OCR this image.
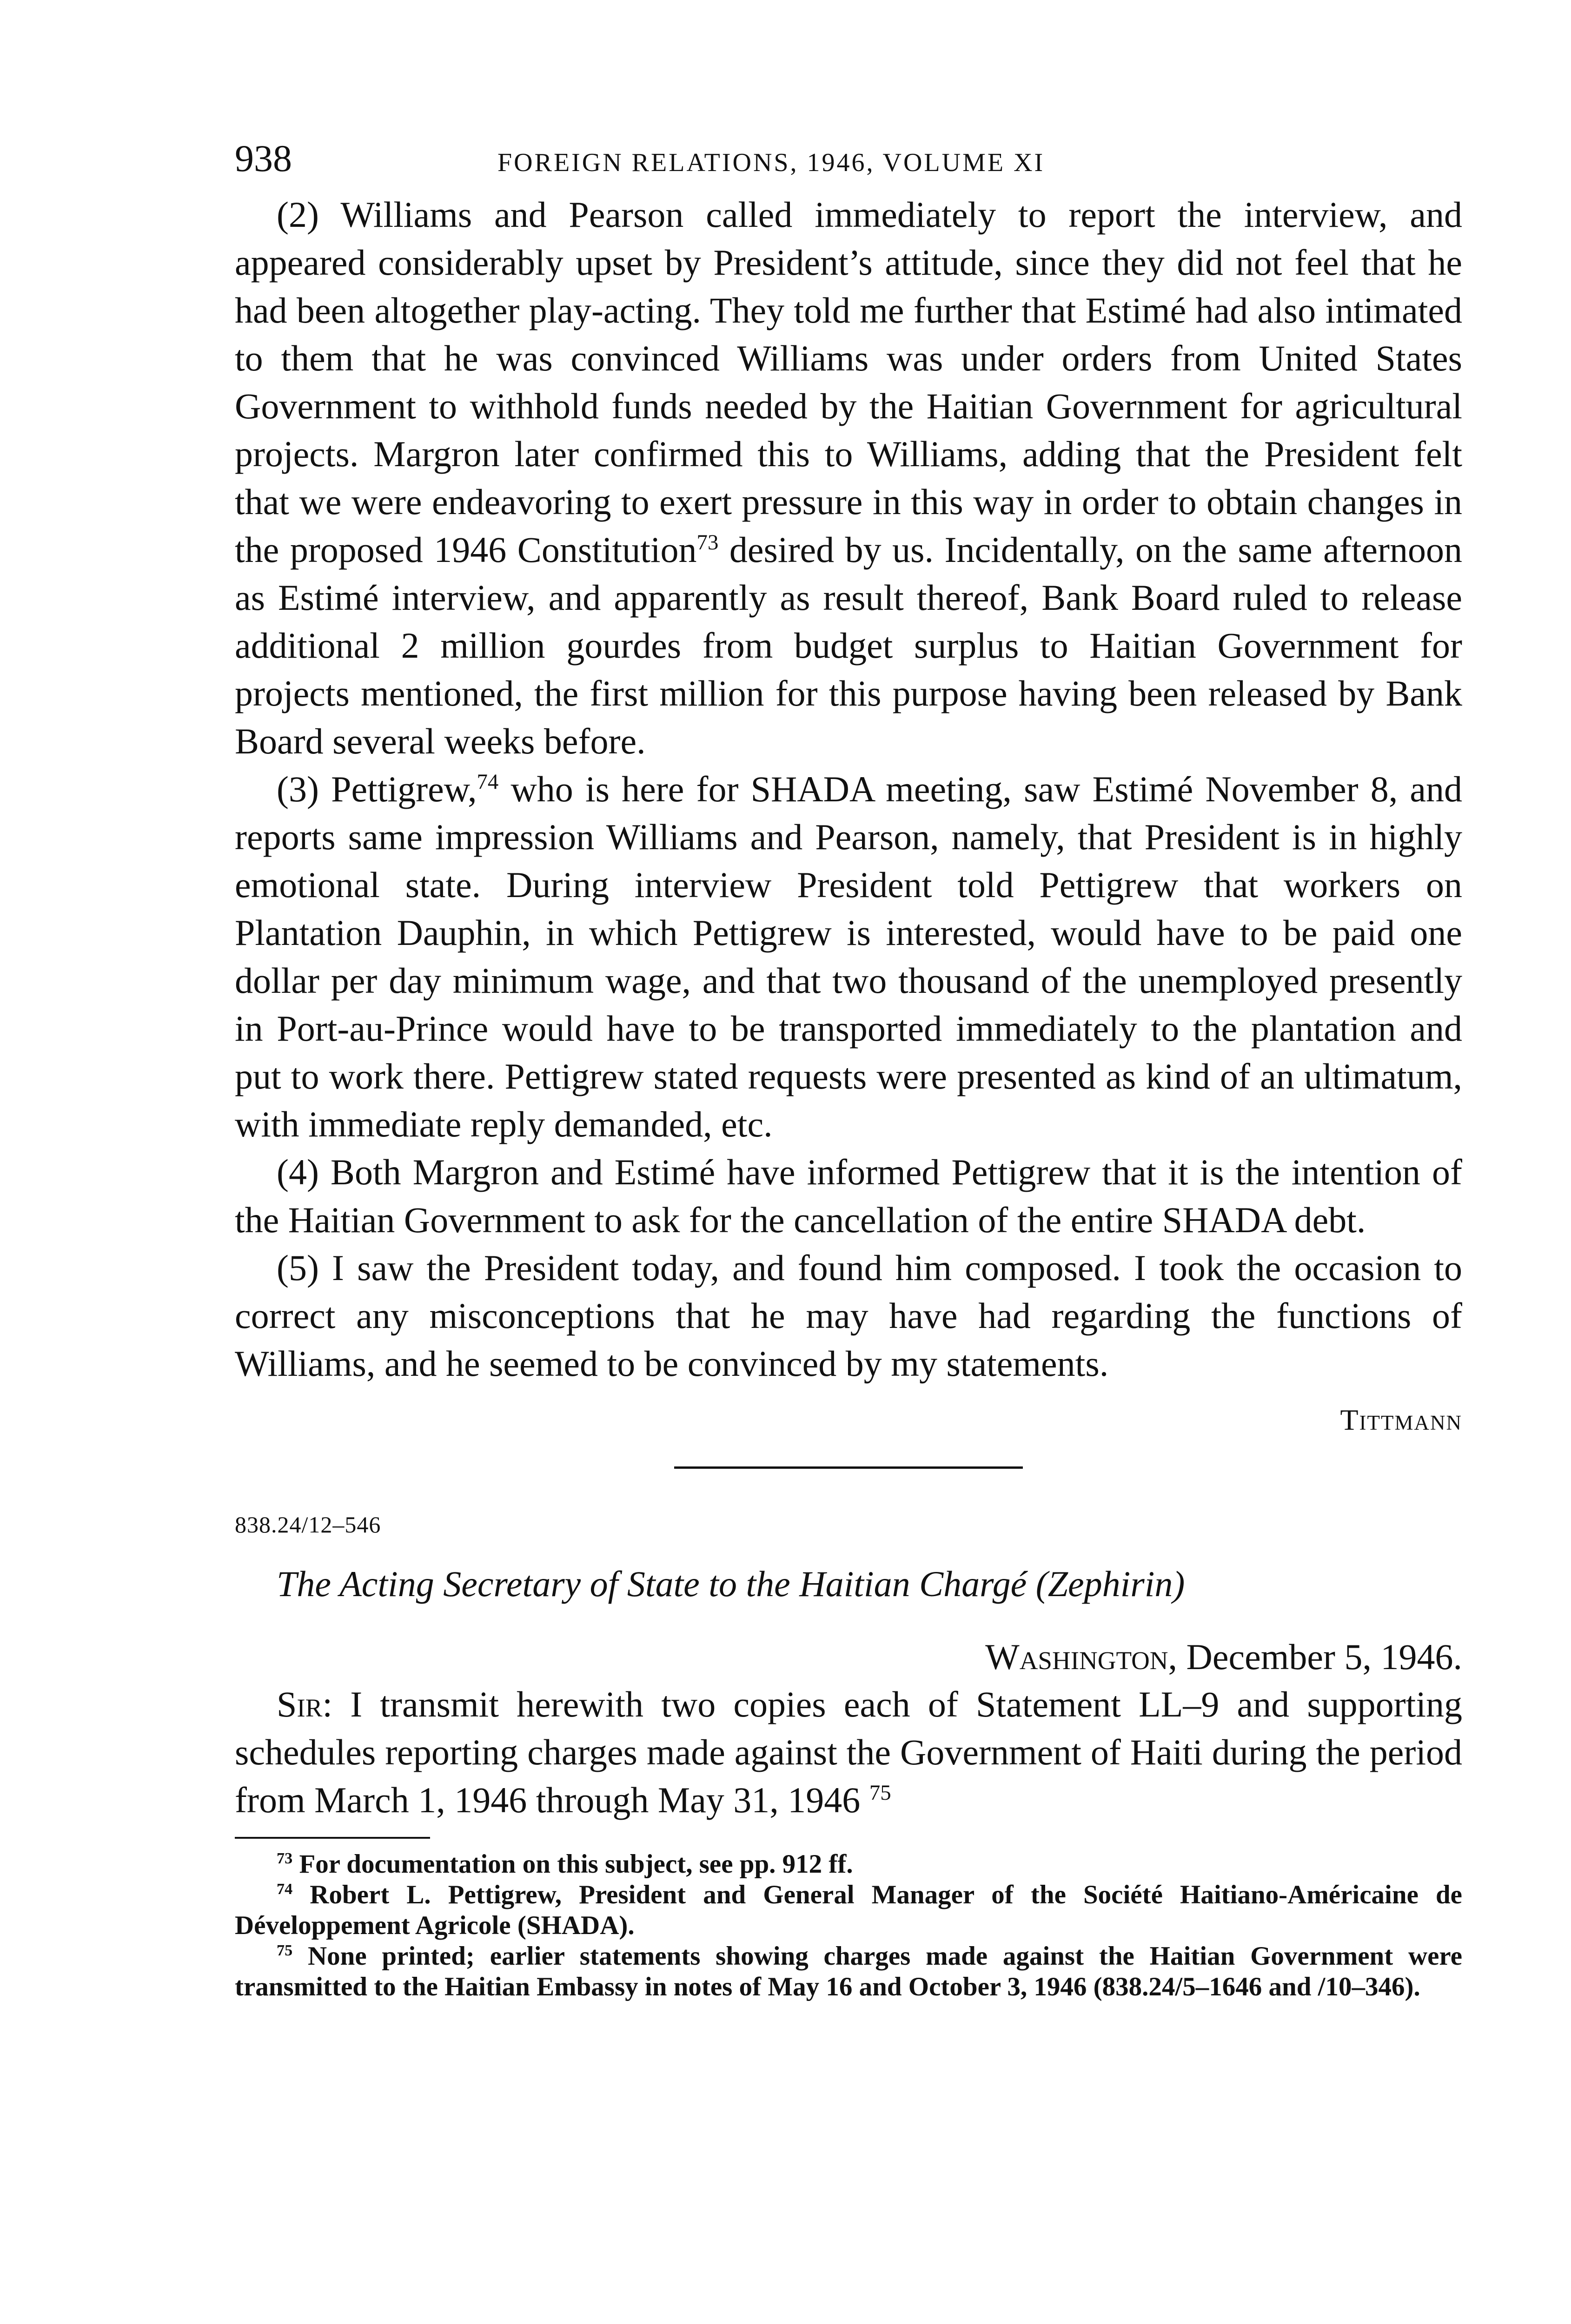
938	FOREIGN RELATIONS, 1946, VOLUME XI

(2) Williams and Pearson called immediately to report the interview, and appeared considerably upset by President’s attitude, since they did not feel that he had been altogether play-acting. They told me further that Estimé had also intimated to them that he was convinced Williams was under orders from United States Government to withhold funds needed by the Haitian Government for agricultural projects. Margron later confirmed this to Williams, adding that the President felt that we were endeavoring to exert pressure in this way in order to obtain changes in the proposed 1946 Constitution$^{73}$ desired by us. Incidentally, on the same afternoon as Estimé interview, and apparently as result thereof, Bank Board ruled to release additional 2 million gourdes from budget surplus to Haitian Government for projects mentioned, the first million for this purpose having been released by Bank Board several weeks before.

(3) Pettigrew,$^{74}$ who is here for SHADA meeting, saw Estimé November 8, and reports same impression Williams and Pearson, namely, that President is in highly emotional state. During interview President told Pettigrew that workers on Plantation Dauphin, in which Pettigrew is interested, would have to be paid one dollar per day minimum wage, and that two thousand of the unemployed presently in Port-au-Prince would have to be transported immediately to the plantation and put to work there. Pettigrew stated requests were presented as kind of an ultimatum, with immediate reply demanded, etc.

(4) Both Margron and Estimé have informed Pettigrew that it is the intention of the Haitian Government to ask for the cancellation of the entire SHADA debt.

(5) I saw the President today, and found him composed. I took the occasion to correct any misconceptions that he may have had regarding the functions of Williams, and he seemed to be convinced by my statements.

Tittmann
838.24/12–546
The Acting Secretary of State to the Haitian Chargé (Zephirin)
Washington, December 5, 1946.

Sir: I transmit herewith two copies each of Statement LL–9 and supporting schedules reporting charges made against the Government of Haiti during the period from March 1, 1946 through May 31, 1946 $^{75}$

$^{73}$ For documentation on this subject, see pp. 912 ff.

$^{74}$ Robert L. Pettigrew, President and General Manager of the Société Haitiano-Américaine de Développement Agricole (SHADA).

$^{75}$ None printed; earlier statements showing charges made against the Haitian Government were transmitted to the Haitian Embassy in notes of May 16 and October 3, 1946 (838.24/5–1646 and /10–346).
